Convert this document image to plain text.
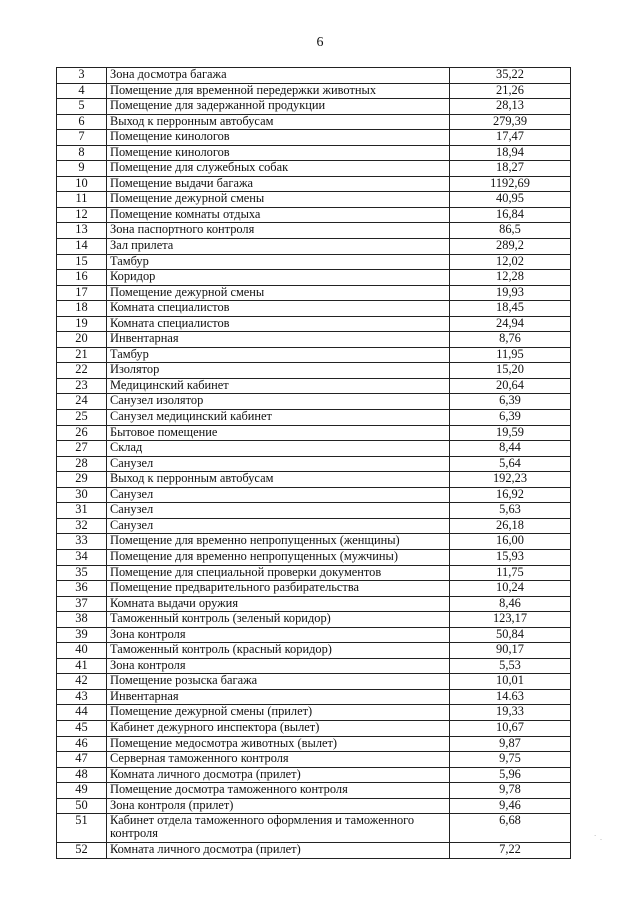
6
3	Зона досмотра багажа	35,22
4	Помещение для временной передержки животных	21,26
5	Помещение для задержанной продукции	28,13
6	Выход к перронным автобусам	279,39
7	Помещение кинологов	17,47
8	Помещение кинологов	18,94
9	Помещение для служебных собак	18,27
10	Помещение выдачи багажа	1192,69
11	Помещение дежурной смены	40,95
12	Помещение комнаты отдыха	16,84
13	Зона паспортного контроля	86,5
14	Зал прилета	289,2
15	Тамбур	12,02
16	Коридор	12,28
17	Помещение дежурной смены	19,93
18	Комната специалистов	18,45
19	Комната специалистов	24,94
20	Инвентарная	8,76
21	Тамбур	11,95
22	Изолятор	15,20
23	Медицинский кабинет	20,64
24	Санузел изолятор	6,39
25	Санузел медицинский кабинет	6,39
26	Бытовое помещение	19,59
27	Склад	8,44
28	Санузел	5,64
29	Выход к перронным автобусам	192,23
30	Санузел	16,92
31	Санузел	5,63
32	Санузел	26,18
33	Помещение для временно непропущенных (женщины)	16,00
34	Помещение для временно непропущенных (мужчины)	15,93
35	Помещение для специальной проверки документов	11,75
36	Помещение предварительного разбирательства	10,24
37	Комната выдачи оружия	8,46
38	Таможенный контроль (зеленый коридор)	123,17
39	Зона контроля	50,84
40	Таможенный контроль (красный коридор)	90,17
41	Зона контроля	5,53
42	Помещение розыска багажа	10,01
43	Инвентарная	14.63
44	Помещение дежурной смены (прилет)	19,33
45	Кабинет дежурного инспектора (вылет)	10,67
46	Помещение медосмотра животных (вылет)	9,87
47	Серверная таможенного контроля	9,75
48	Комната личного досмотра (прилет)	5,96
49	Помещение досмотра таможенного контроля	9,78
50	Зона контроля (прилет)	9,46
51	Кабинет отдела таможенного оформления и таможенного контроля	6,68
52	Комната личного досмотра (прилет)	7,22
` .
